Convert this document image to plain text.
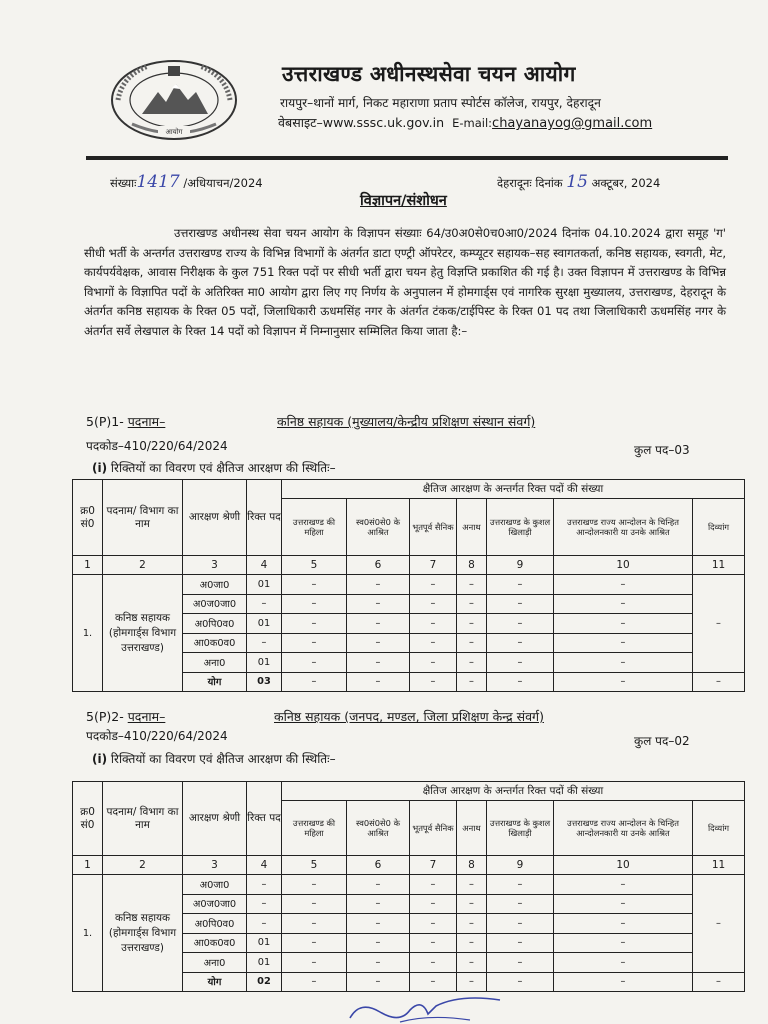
आयोग
उत्तराखण्ड अधीनस्थसेवा चयन आयोग
रायपुर–थानों मार्ग, निकट महाराणा प्रताप स्पोर्टस कॉलेज, रायपुर, देहरादून
वेबसाइट–www.sssc.uk.gov.in E-mail:chayanayog@gmail.com
संख्याः1417 /अधियाचन/2024	देहरादूनः दिनांक 15 अक्टूबर, 2024
विज्ञापन/संशोधन
उत्तराखण्ड अधीनस्थ सेवा चयन आयोग के विज्ञापन संख्याः 64/उ0अ0से0च0आ0/2024 दिनांक 04.10.2024 द्वारा समूह 'ग' सीधी भर्ती के अन्तर्गत उत्तराखण्ड राज्य के विभिन्न विभागों के अंतर्गत डाटा एण्ट्री ऑपरेटर, कम्प्यूटर सहायक–सह स्वागतकर्ता, कनिष्ठ सहायक, स्वगती, मेट, कार्यपर्यवेक्षक, आवास निरीक्षक के कुल 751 रिक्त पदों पर सीधी भर्ती द्वारा चयन हेतु विज्ञप्ति प्रकाशित की गई है। उक्त विज्ञापन में उत्तराखण्ड के विभिन्न विभागों के विज्ञापित पदों के अतिरिक्त मा0 आयोग द्वारा लिए गए निर्णय के अनुपालन में होमगार्ड्स एवं नागरिक सुरक्षा मुख्यालय, उत्तराखण्ड, देहरादून के अंतर्गत कनिष्ठ सहायक के रिक्त 05 पदों, जिलाधिकारी ऊधमसिंह नगर के अंतर्गत टंकक/टाईपिस्ट के रिक्त 01 पद तथा जिलाधिकारी ऊधमसिंह नगर के अंतर्गत सर्वे लेखपाल के रिक्त 14 पदों को विज्ञापन में निम्नानुसार सम्मिलित किया जाता है:–
5(P)1- पदनाम–	कनिष्ठ सहायक (मुख्यालय/केन्द्रीय प्रशिक्षण संस्थान संवर्ग)
पदकोड–410/220/64/2024	कुल पद–03
(i) रिक्तियों का विवरण एवं क्षैतिज आरक्षण की स्थितिः–
क्र0 सं0	पदनाम/ विभाग का नाम	आरक्षण श्रेणी	रिक्त पद	क्षैतिज आरक्षण के अन्तर्गत रिक्त पदों की संख्या						
				उत्तराखण्ड की महिला	स्व0सं0से0 के आश्रित	भूतपूर्व सैनिक	अनाथ	उत्तराखण्ड के कुशल खिलाड़ी	उत्तराखण्ड राज्य आन्दोलन के चिन्हित आन्दोलनकारी या उनके आश्रित	दिव्यांग
1	2	3	4	5	6	7	8	9	10	11
1.	कनिष्ठ सहायक (होमगार्ड्स विभाग उत्तराखण्ड)	अ0जा0	01	–	–	–	–	–	–	–
		अ0ज0जा0	–	–	–	–	–	–	–	
		अ0पि0व0	01	–	–	–	–	–	–	
		आ0क0व0	–	–	–	–	–	–	–	
		अना0	01	–	–	–	–	–	–	
		योग	03	–	–	–	–	–	–	–
5(P)2- पदनाम–	कनिष्ठ सहायक (जनपद, मण्डल, जिला प्रशिक्षण केन्द्र संवर्ग)
पदकोड–410/220/64/2024	कुल पद–02
(i) रिक्तियों का विवरण एवं क्षैतिज आरक्षण की स्थितिः–
क्र0 सं0	पदनाम/ विभाग का नाम	आरक्षण श्रेणी	रिक्त पद	क्षैतिज आरक्षण के अन्तर्गत रिक्त पदों की संख्या						
				उत्तराखण्ड की महिला	स्व0सं0से0 के आश्रित	भूतपूर्व सैनिक	अनाथ	उत्तराखण्ड के कुशल खिलाड़ी	उत्तराखण्ड राज्य आन्दोलन के चिन्हित आन्दोलनकारी या उनके आश्रित	दिव्यांग
1	2	3	4	5	6	7	8	9	10	11
1.	कनिष्ठ सहायक (होमगार्ड्स विभाग उत्तराखण्ड)	अ0जा0	–	–	–	–	–	–	–	–
		अ0ज0जा0	–	–	–	–	–	–	–	
		अ0पि0व0	–	–	–	–	–	–	–	
		आ0क0व0	01	–	–	–	–	–	–	
		अना0	01	–	–	–	–	–	–	
		योग	02	–	–	–	–	–	–	–
